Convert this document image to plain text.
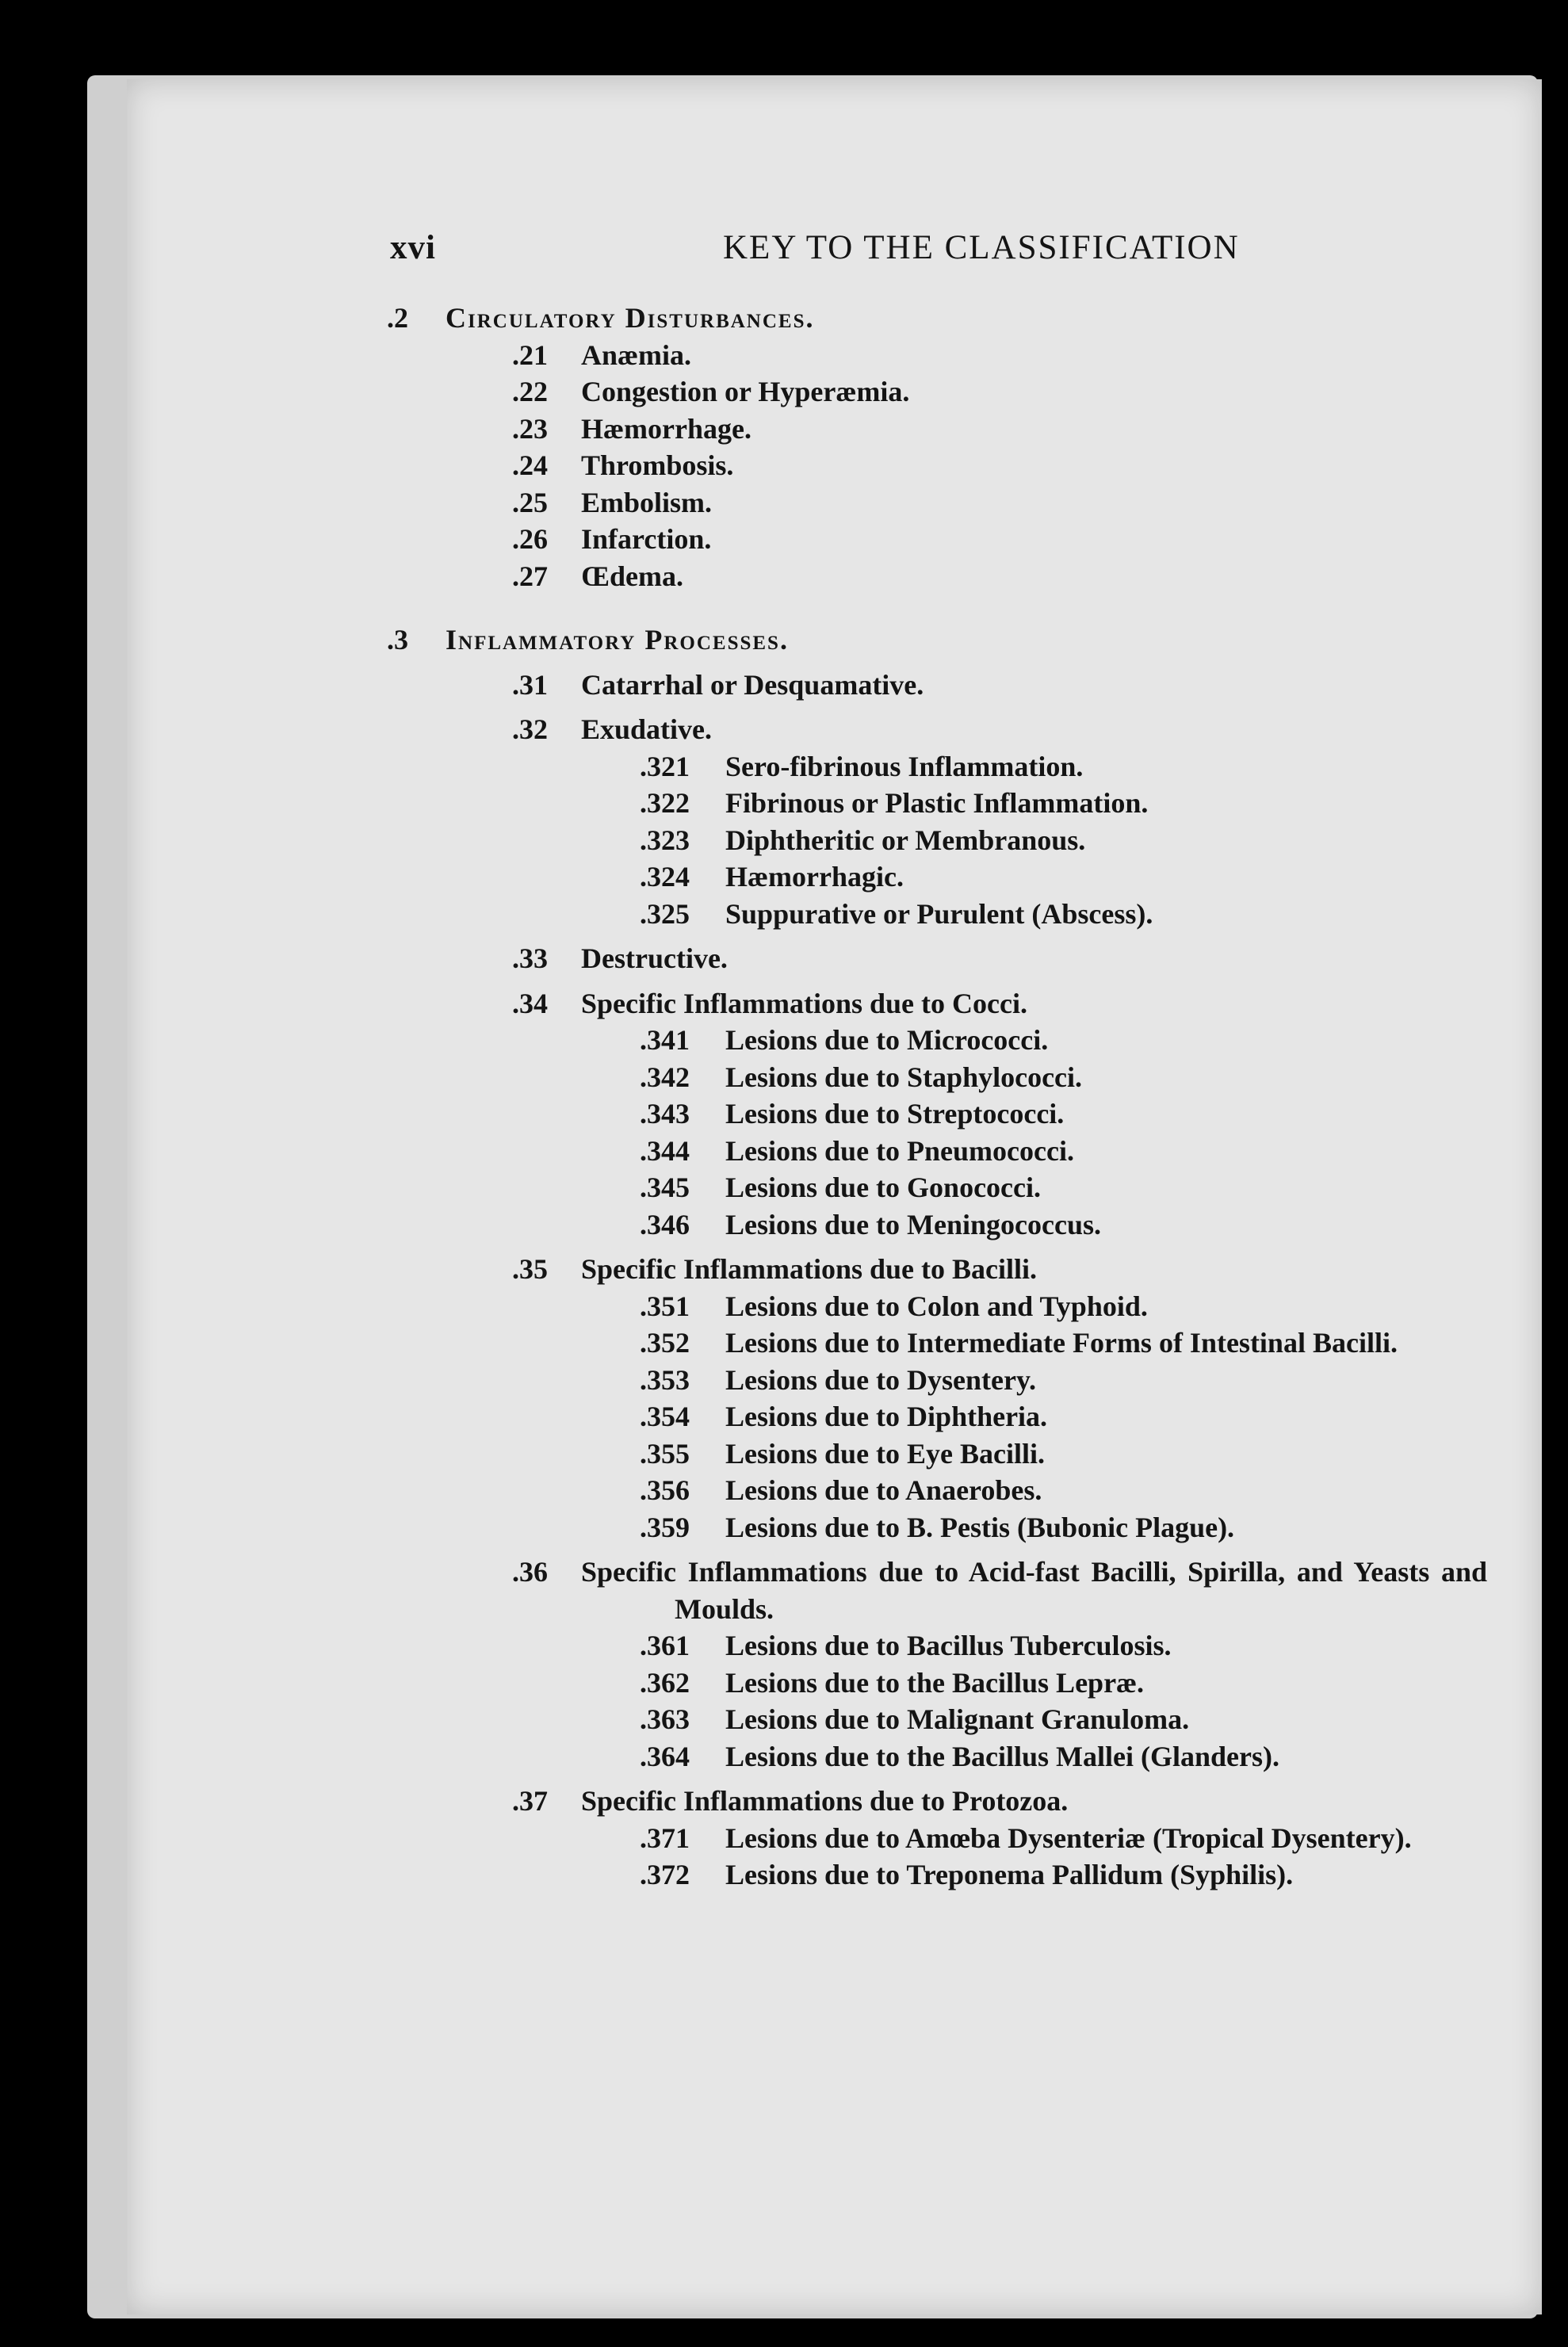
xvi	KEY TO THE CLASSIFICATION
.2 Circulatory Disturbances.
.21 Anæmia.
.22 Congestion or Hyperæmia.
.23 Hæmorrhage.
.24 Thrombosis.
.25 Embolism.
.26 Infarction.
.27 Œdema.
.3 Inflammatory Processes.
.31 Catarrhal or Desquamative.
.32 Exudative.
.321 Sero-fibrinous Inflammation.
.322 Fibrinous or Plastic Inflammation.
.323 Diphtheritic or Membranous.
.324 Hæmorrhagic.
.325 Suppurative or Purulent (Abscess).
.33 Destructive.
.34 Specific Inflammations due to Cocci.
.341 Lesions due to Micrococci.
.342 Lesions due to Staphylococci.
.343 Lesions due to Streptococci.
.344 Lesions due to Pneumococci.
.345 Lesions due to Gonococci.
.346 Lesions due to Meningococcus.
.35 Specific Inflammations due to Bacilli.
.351 Lesions due to Colon and Typhoid.
.352 Lesions due to Intermediate Forms of Intestinal Bacilli.
.353 Lesions due to Dysentery.
.354 Lesions due to Diphtheria.
.355 Lesions due to Eye Bacilli.
.356 Lesions due to Anaerobes.
.359 Lesions due to B. Pestis (Bubonic Plague).
.36 Specific Inflammations due to Acid-fast Bacilli, Spirilla, and Yeasts and Moulds.
.361 Lesions due to Bacillus Tuberculosis.
.362 Lesions due to the Bacillus Lepræ.
.363 Lesions due to Malignant Granuloma.
.364 Lesions due to the Bacillus Mallei (Glanders).
.37 Specific Inflammations due to Protozoa.
.371 Lesions due to Amœba Dysenteriæ (Tropical Dysentery).
.372 Lesions due to Treponema Pallidum (Syphilis).
